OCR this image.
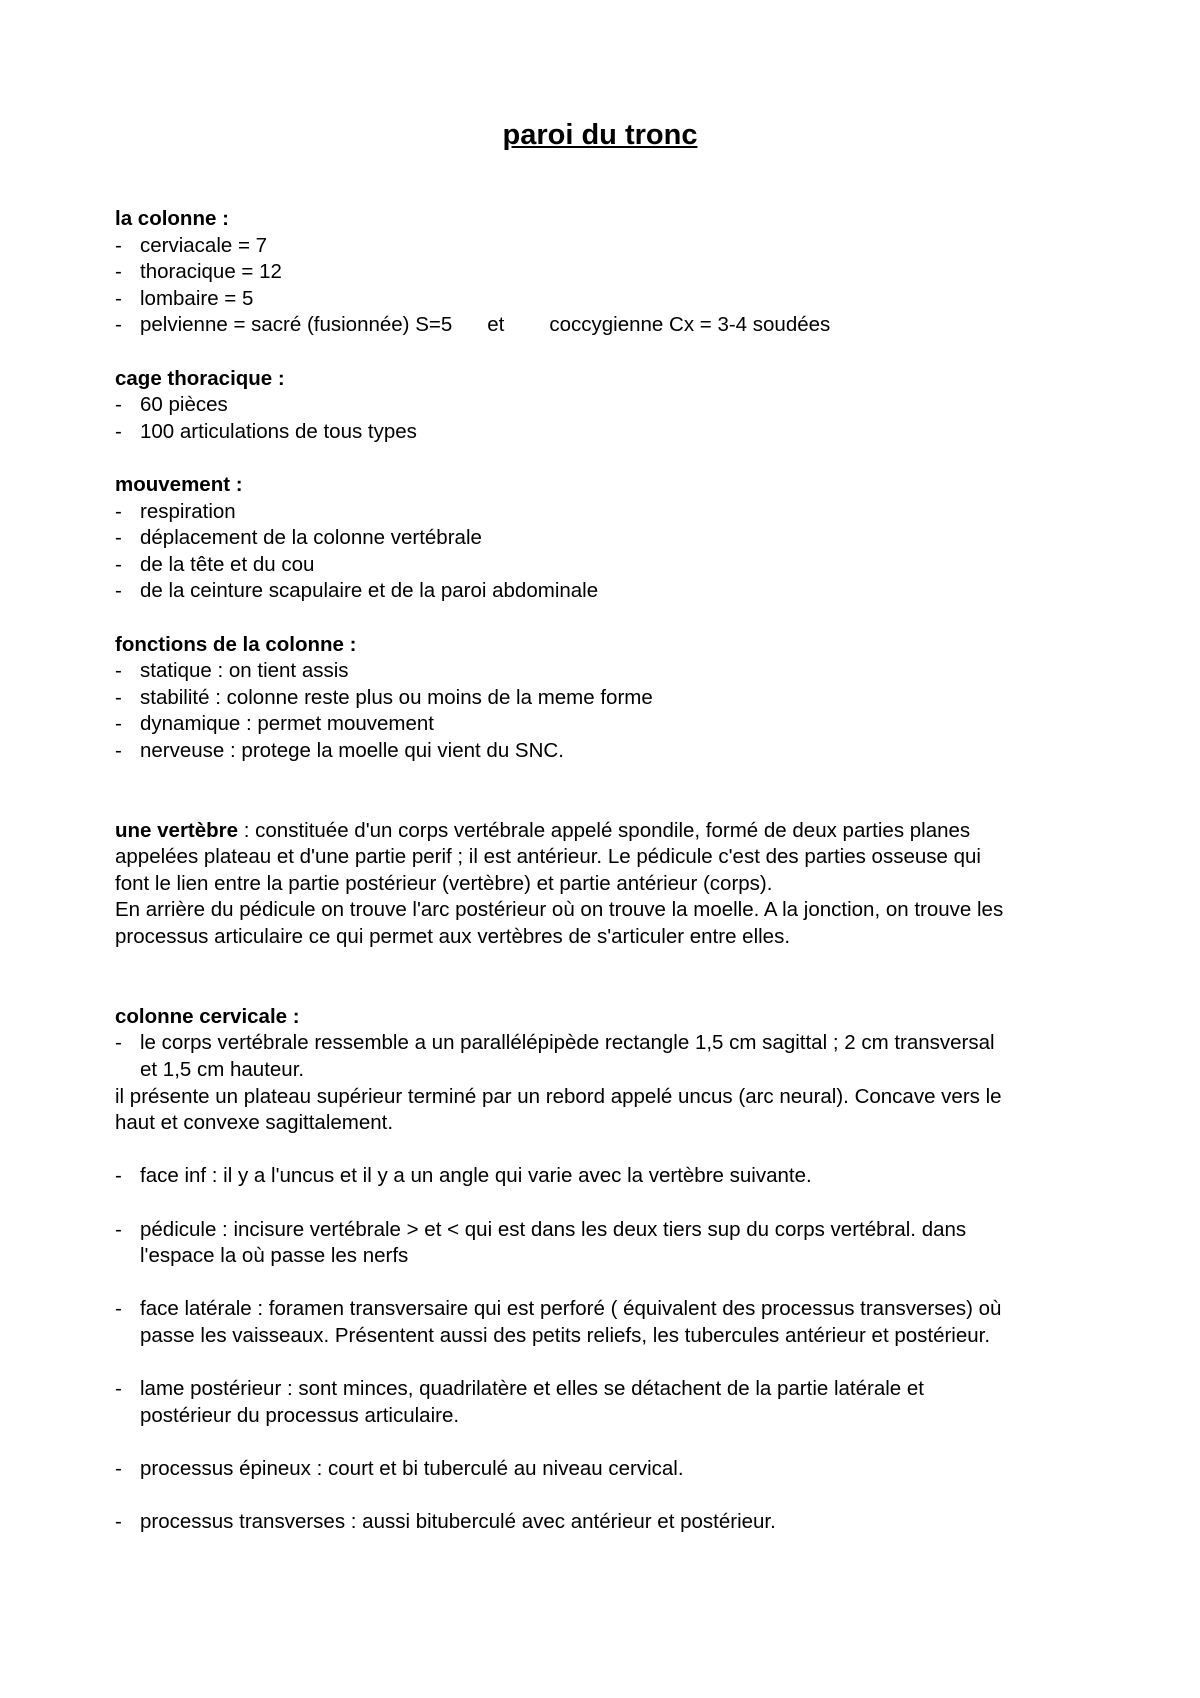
paroi du tronc
la colonne :
- cerviacale = 7
- thoracique = 12
- lombaire = 5
- pelvienne = sacré (fusionnée) S=5 et coccygienne Cx = 3-4 soudées
cage thoracique :
- 60 pièces
- 100 articulations de tous types
mouvement :
- respiration
- déplacement de la colonne vertébrale
- de la tête et du cou
- de la ceinture scapulaire et de la paroi abdominale
fonctions de la colonne :
- statique : on tient assis
- stabilité : colonne reste plus ou moins de la meme forme
- dynamique : permet mouvement
- nerveuse : protege la moelle qui vient du SNC.
une vertèbre : constituée d'un corps vertébrale appelé spondile, formé de deux parties planes
appelées plateau et d'une partie perif ; il est antérieur. Le pédicule c'est des parties osseuse qui
font le lien entre la partie postérieur (vertèbre) et partie antérieur (corps).
En arrière du pédicule on trouve l'arc postérieur où on trouve la moelle. A la jonction, on trouve les
processus articulaire ce qui permet aux vertèbres de s'articuler entre elles.
colonne cervicale :
- le corps vertébrale ressemble a un parallélépipède rectangle 1,5 cm sagittal ; 2 cm transversal
et 1,5 cm hauteur.
il présente un plateau supérieur terminé par un rebord appelé uncus (arc neural). Concave vers le
haut et convexe sagittalement.
- face inf : il y a l'uncus et il y a un angle qui varie avec la vertèbre suivante.
- pédicule : incisure vertébrale > et < qui est dans les deux tiers sup du corps vertébral. dans
l'espace la où passe les nerfs
- face latérale : foramen transversaire qui est perforé ( équivalent des processus transverses) où
passe les vaisseaux. Présentent aussi des petits reliefs, les tubercules antérieur et postérieur.
- lame postérieur : sont minces, quadrilatère et elles se détachent de la partie latérale et
postérieur du processus articulaire.
- processus épineux : court et bi tuberculé au niveau cervical.
- processus transverses : aussi bituberculé avec antérieur et postérieur.
